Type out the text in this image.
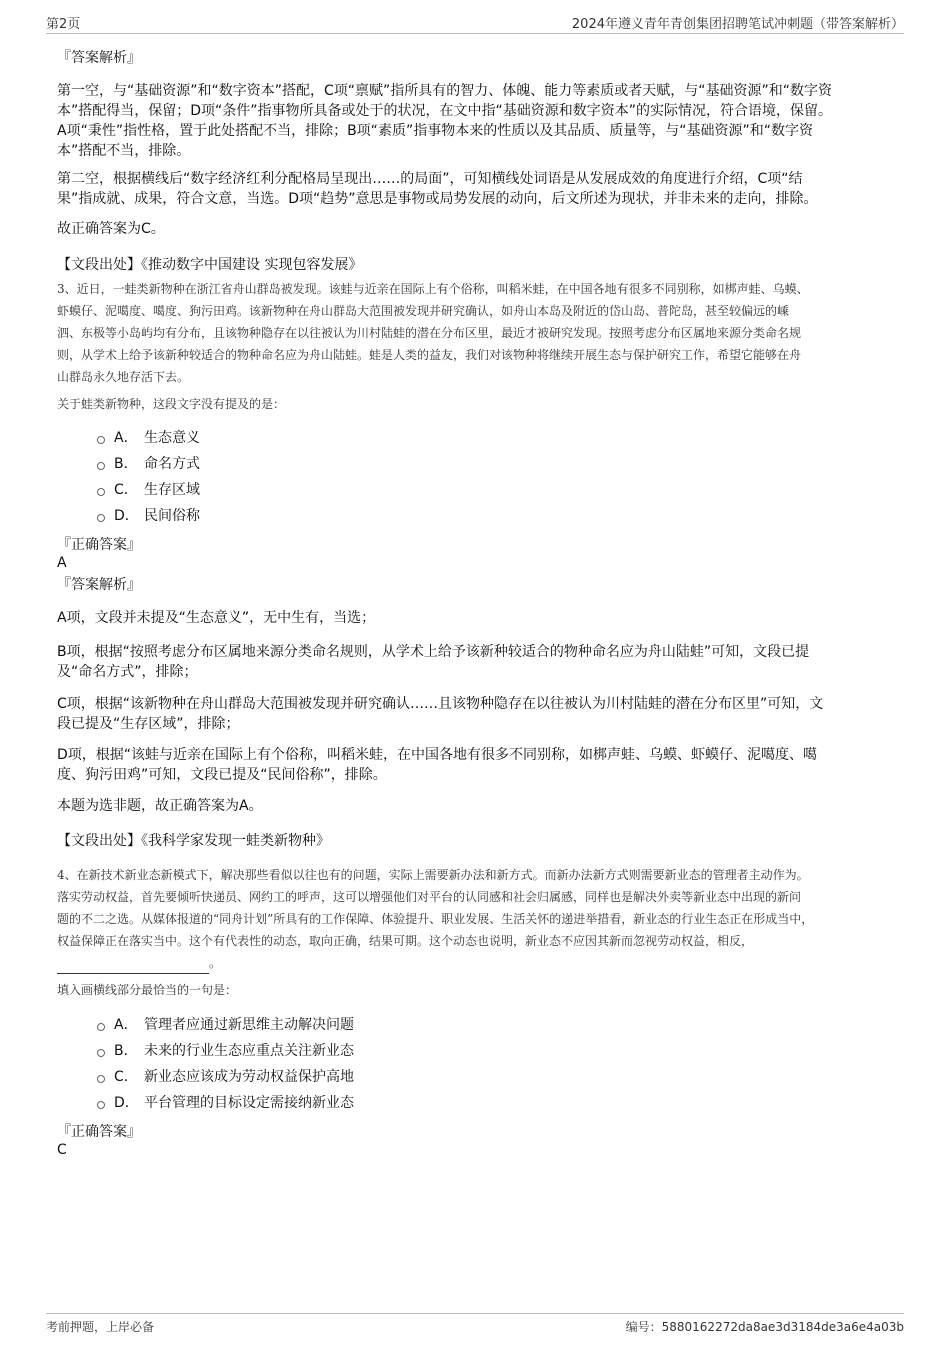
第2页	2024年遵义青年青创集团招聘笔试冲刺题（带答案解析）
『答案解析』
第一空，与“基础资源”和“数字资本”搭配，C项“禀赋”指所具有的智力、体魄、能力等素质或者天赋，与“基础资源”和“数字资
本”搭配得当，保留；D项“条件”指事物所具备或处于的状况，在文中指“基础资源和数字资本”的实际情况，符合语境，保留。
A项“秉性”指性格，置于此处搭配不当，排除；B项“素质”指事物本来的性质以及其品质、质量等，与“基础资源”和“数字资
本”搭配不当，排除。
第二空，根据横线后“数字经济红利分配格局呈现出……的局面”，可知横线处词语是从发展成效的角度进行介绍，C项“结
果”指成就、成果，符合文意，当选。D项“趋势”意思是事物或局势发展的动向，后文所述为现状，并非未来的走向，排除。
故正确答案为C。
【文段出处】《推动数字中国建设 实现包容发展》
3、近日，一蛙类新物种在浙江省舟山群岛被发现。该蛙与近亲在国际上有个俗称，叫稻米蛙，在中国各地有很多不同别称，如梆声蛙、乌蟆、
虾蟆仔、泥噶度、噶度、狗污田鸡。该新物种在舟山群岛大范围被发现并研究确认，如舟山本岛及附近的岱山岛、普陀岛，甚至较偏远的嵊
泗、东极等小岛屿均有分布，且该物种隐存在以往被认为川村陆蛙的潜在分布区里，最近才被研究发现。按照考虑分布区属地来源分类命名规
则，从学术上给予该新种较适合的物种命名应为舟山陆蛙。蛙是人类的益友，我们对该物种将继续开展生态与保护研究工作，希望它能够在舟
山群岛永久地存活下去。
关于蛙类新物种，这段文字没有提及的是：
A． 生态意义
B． 命名方式
C． 生存区域
D． 民间俗称
『正确答案』
A
『答案解析』
A项，文段并未提及“生态意义”，无中生有，当选；
B项，根据“按照考虑分布区属地来源分类命名规则，从学术上给予该新种较适合的物种命名应为舟山陆蛙”可知，文段已提
及“命名方式”，排除；
C项，根据“该新物种在舟山群岛大范围被发现并研究确认……且该物种隐存在以往被认为川村陆蛙的潜在分布区里”可知，文
段已提及“生存区域”，排除；
D项，根据“该蛙与近亲在国际上有个俗称，叫稻米蛙，在中国各地有很多不同别称，如梆声蛙、乌蟆、虾蟆仔、泥噶度、噶
度、狗污田鸡”可知，文段已提及“民间俗称”，排除。
本题为选非题，故正确答案为A。
【文段出处】《我科学家发现一蛙类新物种》
4、在新技术新业态新模式下，解决那些看似以往也有的问题，实际上需要新办法和新方式。而新办法新方式则需要新业态的管理者主动作为。
落实劳动权益，首先要倾听快递员、网约工的呼声，这可以增强他们对平台的认同感和社会归属感，同样也是解决外卖等新业态中出现的新问
题的不二之选。从媒体报道的“同舟计划”所具有的工作保障、体验提升、职业发展、生活关怀的递进举措看，新业态的行业生态正在形成当中，
权益保障正在落实当中。这个有代表性的动态，取向正确，结果可期。这个动态也说明，新业态不应因其新而忽视劳动权益，相反，
。
填入画横线部分最恰当的一句是：
A． 管理者应通过新思维主动解决问题
B． 未来的行业生态应重点关注新业态
C． 新业态应该成为劳动权益保护高地
D． 平台管理的目标设定需接纳新业态
『正确答案』
C
考前押题，上岸必备	编号：5880162272da8ae3d3184de3a6e4a03b
